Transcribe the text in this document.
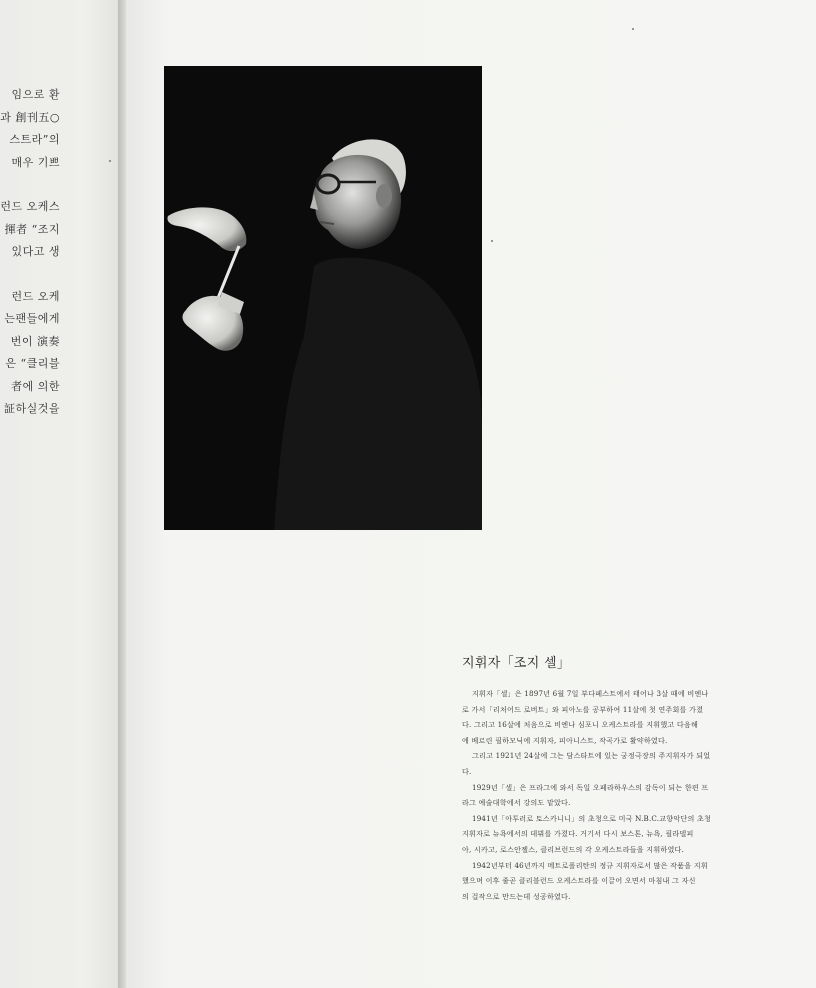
임으로 환
과 創刊五○
스트라”의
매우 기쁘
런드 오케스
揮者 “조지
있다고 생
런드 오케
는팬들에게
번이 演奏
은 “클리블
者에 의한
証하실것을
지휘자「조지 셀」
지휘자「셀」은 1897년 6월 7일 부다페스트에서 태어나 3살 때에 비엔나
로 가서「리처어드 로버트」와 피아노를 공부하여 11살에 첫 연주회를 가졌
다. 그리고 16살에 처음으로 비엔나 심포니 오케스트라를 지휘했고 다음해
에 베르린 필하모닉에 지휘자, 피아니스트, 작곡가로 활약하였다.
그리고 1921년 24살에 그는 담스타트에 있는 궁정극장의 주지휘자가 되었
다.
1929년「셀」은 프라그에 와서 독일 오페라하우스의 감독이 되는 한편 프
라그 예술대학에서 강의도 맡았다.
1941년「아투러로 토스카니니」의 초청으로 미국 N.B.C.교향악단의 초청
지휘자로 뉴욕에서의 데뷔를 가졌다. 거기서 다시 보스톤, 뉴욕, 필라델피
아, 시카고, 로스안젤스, 클리브런드의 각 오케스트라들을 지휘하였다.
1942년부터 46년까지 메트로폴리탄의 정규 지휘자로서 많은 작품을 지휘
했으며 이후 줄곧 클리블런드 오케스트라를 이끌어 오면서 마침내 그 자신
의 걸작으로 만드는데 성공하였다.
